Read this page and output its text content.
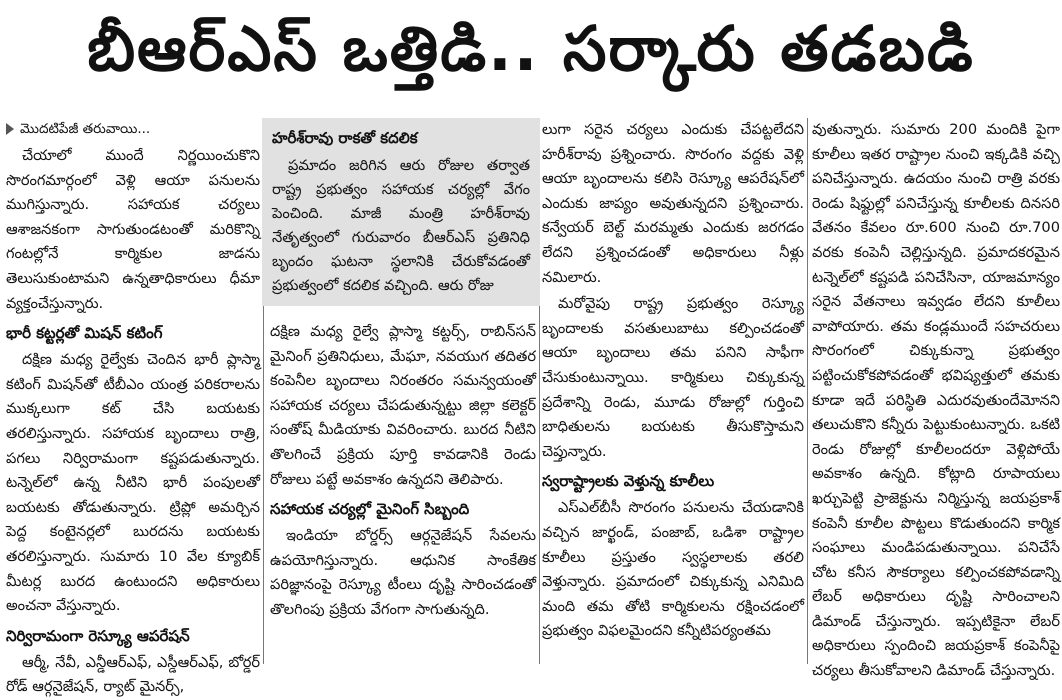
బీఆర్‌ఎస్‌ ఒత్తిడి.. సర్కారు తడబడి
మొదటిపేజీ తరువాయి...

చేయాలో ముందే నిర్ణయించుకొని సొరంగమార్గంలో వెళ్లి ఆయా పనులను ముగిస్తున్నారు. సహాయక చర్యలు ఆశాజనకంగా సాగుతుండటంతో మరికొన్ని గంటల్లోనే కార్మికుల జాడను తెలుసుకుంటామని ఉన్నతాధికారులు ధీమా వ్యక్తంచేస్తున్నారు.

భారీ కట్టర్లతో మిషన్‌ కటింగ్‌

దక్షిణ మధ్య రైల్వేకు చెందిన భారీ ప్లాస్మా కటింగ్‌ మిషన్‌తో టీబీఎం యంత్ర పరికరాలను ముక్కలుగా కట్‌ చేసి బయటకు తరలిస్తున్నారు. సహాయక బృందాలు రాత్రి, పగలు నిర్విరామంగా కష్టపడుతున్నారు. టన్నెల్‌లో ఉన్న నీటిని భారీ పంపులతో బయటకు తోడుతున్నారు. ట్రిప్లో అమర్చిన పెద్ద కంటైనర్లలో బురదను బయటకు తరలిస్తున్నారు. సుమారు 10 వేల క్యూబిక్‌ మీటర్ల బురద ఉంటుందని అధికారులు అంచనా వేస్తున్నారు.

నిర్విరామంగా రెస్క్యూ ఆపరేషన్‌

ఆర్మీ, నేవీ, ఎన్డీఆర్‌ఎఫ్‌, ఎస్డీఆర్‌ఎఫ్‌, బోర్డర్‌ రోడ్‌ ఆర్గనైజేషన్‌, ర్యాట్‌ మైనర్స్‌,

హరీశ్‌రావు రాకతో కదలిక

ప్రమాదం జరిగిన ఆరు రోజుల తర్వాత రాష్ట్ర ప్రభుత్వం సహాయక చర్యల్లో వేగం పెంచింది. మాజీ మంత్రి హరీశ్‌రావు నేతృత్వంలో గురువారం బీఆర్‌ఎస్‌ ప్రతినిధి బృందం ఘటనా స్థలానికి చేరుకోవడంతో ప్రభుత్వంలో కదలిక వచ్చింది. ఆరు రోజు

దక్షిణ మధ్య రైల్వే ప్లాస్మా కట్టర్స్‌, రాబిన్‌సన్‌ మైనింగ్‌ ప్రతినిధులు, మేఘా, నవయుగ తదితర కంపెనీల బృందాలు నిరంతరం సమన్వయంతో సహాయక చర్యలు చేపడుతున్నట్టు జిల్లా కలెక్టర్‌ సంతోష్‌ మీడియాకు వివరించారు. బురద నీటిని తొలగించే ప్రక్రియ పూర్తి కావడానికి రెండు రోజులు పట్టే అవకాశం ఉన్నదని తెలిపారు.

సహాయక చర్యల్లో మైనింగ్‌ సిబ్బంది

ఇండియా బోర్డర్స్‌ ఆర్గనైజేషన్‌ సేవలను ఉపయోగిస్తున్నారు. ఆధునిక సాంకేతిక పరిజ్ఞానంపై రెస్క్యూ టీంలు దృష్టి సారించడంతో తొలగింపు ప్రక్రియ వేగంగా సాగుతున్నది.

లుగా సరైన చర్యలు ఎందుకు చేపట్టలేదని హరీశ్‌రావు ప్రశ్నించారు. సొరంగం వద్దకు వెళ్లి ఆయా బృందాలను కలిసి రెస్క్యూ ఆపరేషన్‌లో ఎందుకు జాప్యం అవుతున్నదని ప్రశ్నించారు. కన్వేయర్‌ బెల్ట్‌ మరమ్మతు ఎందుకు జరగడం లేదని ప్రశ్నించడంతో అధికారులు నీళ్లు నమిలారు.

మరోవైపు రాష్ట్ర ప్రభుత్వం రెస్క్యూ బృందాలకు వసతులుబాటు కల్పించడంతో ఆయా బృందాలు తమ పనిని సాఫీగా చేసుకుంటున్నాయి. కార్మికులు చిక్కుకున్న ప్రదేశాన్ని రెండు, మూడు రోజుల్లో గుర్తించి బాధితులను బయటకు తీసుకొస్తామని చెప్తున్నారు.

స్వరాష్ట్రాలకు వెళ్తున్న కూలీలు

ఎస్‌ఎల్‌బీసీ సొరంగం పనులను చేయడానికి వచ్చిన జార్ఖండ్‌, పంజాబ్‌, ఒడిశా రాష్ట్రాల కూలీలు ప్రస్తుతం స్వస్థలాలకు తరలి వెళ్తున్నారు. ప్రమాదంలో చిక్కుకున్న ఎనిమిది మంది తమ తోటి కార్మికులను రక్షించడంలో ప్రభుత్వం విఫలమైందని కన్నీటిపర్యంతమ

వుతున్నారు. సుమారు 200 మందికి పైగా కూలీలు ఇతర రాష్ట్రాల నుంచి ఇక్కడికి వచ్చి పనిచేస్తున్నారు. ఉదయం నుంచి రాత్రి వరకు రెండు షిఫ్టుల్లో పనిచేస్తున్న కూలీలకు దినసరి వేతనం కేవలం రూ.600 నుంచి రూ.700 వరకు కంపెనీ చెల్లిస్తున్నది. ప్రమాదకరమైన టన్నెల్‌లో కష్టపడి పనిచేసినా, యాజమాన్యం సరైన వేతనాలు ఇవ్వడం లేదని కూలీలు వాపోయారు. తమ కండ్లముందే సహచరులు సొరంగంలో చిక్కుకున్నా ప్రభుత్వం పట్టించుకోకపోవడంతో భవిష్యత్తులో తమకు కూడా ఇదే పరిస్థితి ఎదురవుతుందేమోనని తలుచుకొని కన్నీరు పెట్టుకుంటున్నారు. ఒకటి రెండు రోజుల్లో కూలీలందరూ వెళ్లిపోయే అవకాశం ఉన్నది. కోట్లాది రూపాయలు ఖర్చుపెట్టి ప్రాజెక్టును నిర్మిస్తున్న జయప్రకాశ్‌ కంపెనీ కూలీల పొట్టలు కొడుతుందని కార్మిక సంఘాలు మండిపడుతున్నాయి. పనిచేసే చోట కనీస సౌకర్యాలు కల్పించకపోవడాన్ని లేబర్‌ అధికారులు దృష్టి సారించాలని డిమాండ్‌ చేస్తున్నారు. ఇప్పటికైనా లేబర్‌ అధికారులు స్పందించి జయప్రకాశ్‌ కంపెనీపై చర్యలు తీసుకోవాలని డిమాండ్‌ చేస్తున్నారు.
